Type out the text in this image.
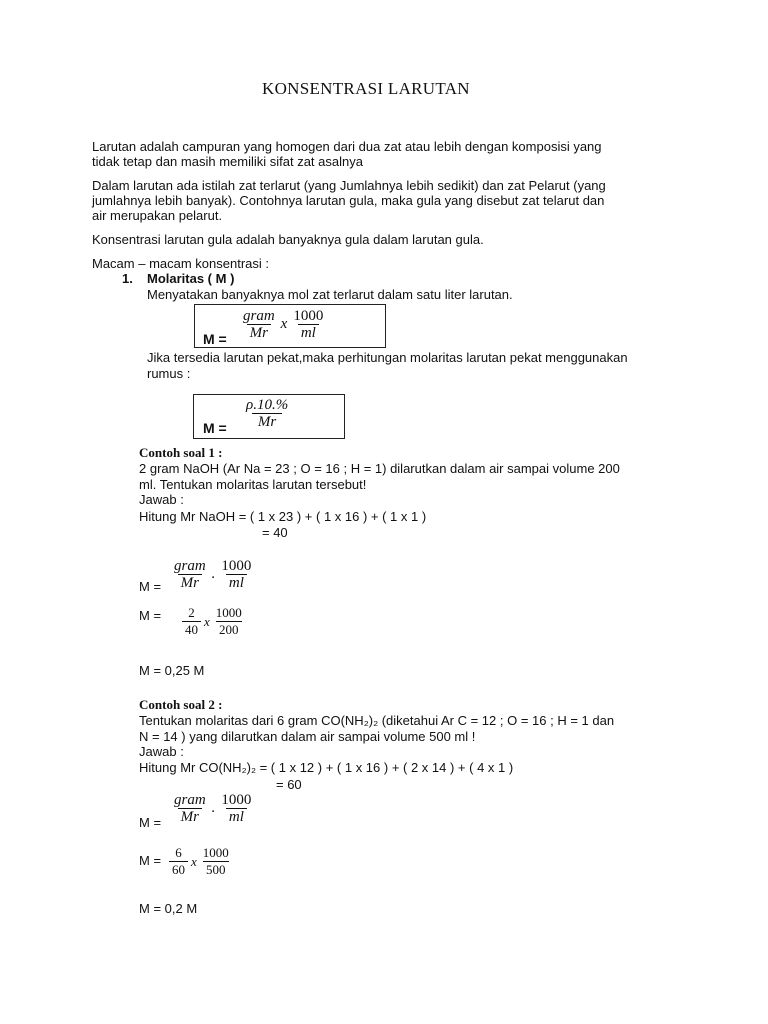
KONSENTRASI LARUTAN
Larutan adalah campuran yang homogen dari dua zat atau lebih dengan komposisi yang
tidak tetap dan masih memiliki sifat zat asalnya
Dalam larutan ada istilah zat terlarut (yang Jumlahnya lebih sedikit) dan zat Pelarut (yang
jumlahnya lebih banyak). Contohnya larutan gula, maka gula yang disebut zat telarut dan
air merupakan pelarut.
Konsentrasi larutan gula adalah banyaknya gula dalam larutan gula.
Macam – macam konsentrasi :
1. Molaritas ( M )
Menyatakan banyaknya mol zat terlarut dalam satu liter larutan.
$M = \frac{\text{gram}}{Mr}$ x $\frac{1000}{ml}$
Jika tersedia larutan pekat,maka perhitungan molaritas larutan pekat menggunakan
rumus :
$M = \frac{\rho.10.\%}{Mr}$
Contoh soal 1 :
2 gram NaOH (Ar Na = 23 ; O = 16 ; H = 1) dilarutkan dalam air sampai volume 200
ml. Tentukan molaritas larutan tersebut!
Jawab :
Hitung Mr NaOH = ( 1 x 23 ) + ( 1 x 16 ) + ( 1 x 1 )
= 40
$M = \frac{\text{gram}}{Mr}$ . $\frac{1000}{ml}$
$M = \frac{2}{40}$ x $\frac{1000}{200}$
M = 0,25 M
Contoh soal 2 :
Tentukan molaritas dari 6 gram CO(NH₂)₂ (diketahui Ar C = 12 ; O = 16 ; H = 1 dan
N = 14 ) yang dilarutkan dalam air sampai volume 500 ml !
Jawab :
Hitung Mr CO(NH₂)₂ = ( 1 x 12 ) + ( 1 x 16 ) + ( 2 x 14 ) + ( 4 x 1 )
= 60
$M = \frac{\text{gram}}{Mr}$ . $\frac{1000}{ml}$
$M = \frac{6}{60}$ x $\frac{1000}{500}$
M = 0,2 M
